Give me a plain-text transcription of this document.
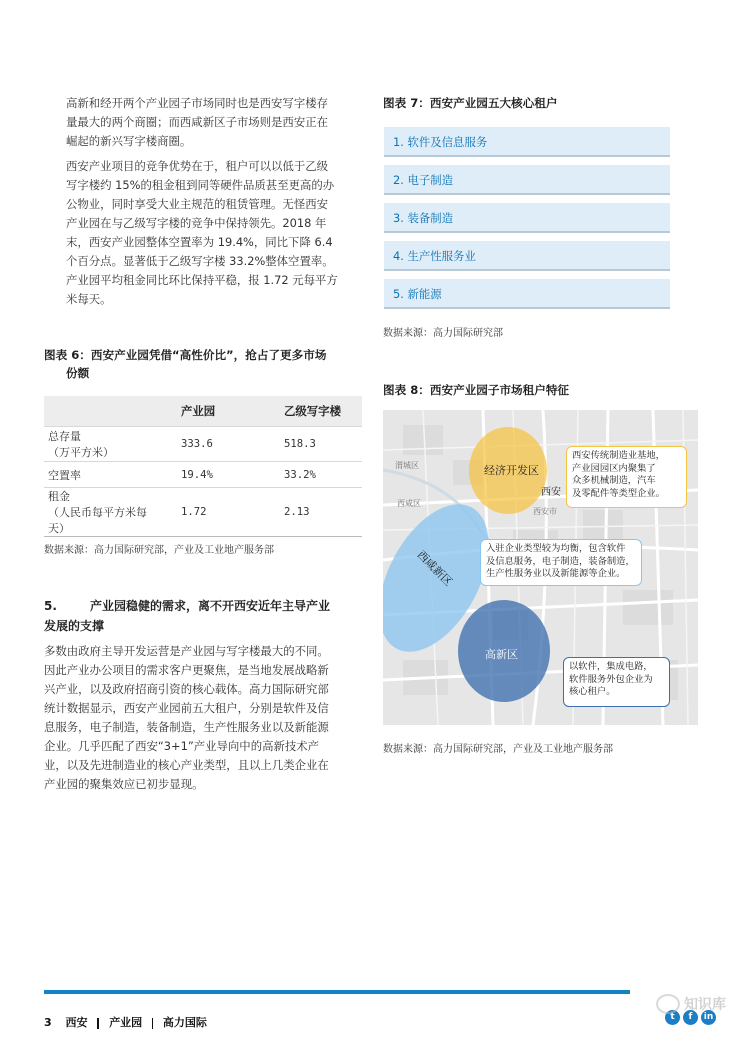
高新和经开两个产业园子市场同时也是西安写字楼存

量最大的两个商圈；而西咸新区子市场则是西安正在

崛起的新兴写字楼商圈。

西安产业项目的竞争优势在于，租户可以以低于乙级

写字楼约 15%的租金租到同等硬件品质甚至更高的办

公物业，同时享受大业主规范的租赁管理。无怪西安

产业园在与乙级写字楼的竞争中保持领先。2018 年

末，西安产业园整体空置率为 19.4%，同比下降 6.4

个百分点。显著低于乙级写字楼 33.2%整体空置率。

产业园平均租金同比环比保持平稳，报 1.72 元每平方

米每天。

图表 6：西安产业园凭借“高性价比”，抢占了更多市场
份额
	产业园	乙级写字楼

总存量
（万平方米）	333.6	518.3

空置率	19.4%	33.2%

租金
（人民币每平方米每
天）	1.72	2.13
数据来源：高力国际研究部，产业及工业地产服务部
5.	产业园稳健的需求，离不开西安近年主导产业
发展的支撑

多数由政府主导开发运营是产业园与写字楼最大的不同。

因此产业办公项目的需求客户更聚焦，是当地发展战略新

兴产业，以及政府招商引资的核心载体。高力国际研究部

统计数据显示，西安产业园前五大租户，分别是软件及信

息服务，电子制造，装备制造，生产性服务业以及新能源

企业。几乎匹配了西安“3+1”产业导向中的高新技术产

业，以及先进制造业的核心产业类型，且以上几类企业在

产业园的聚集效应已初步显现。

图表 7：西安产业园五大核心租户
1. 软件及信息服务
2. 电子制造
3. 装备制造
4. 生产性服务业
5. 新能源
数据来源：高力国际研究部
图表 8：西安产业园子市场租户特征
经济开发区
西咸新区
高新区
西安
渭城区
西咸区
西安市
西安传统制造业基地，
产业园园区内聚集了
众多机械制造，汽车
及零配件等类型企业。
入驻企业类型较为均衡，包含软件
及信息服务，电子制造，装备制造，
生产性服务业以及新能源等企业。
以软件，集成电路，
软件服务外包企业为
核心租户。
数据来源：高力国际研究部，产业及工业地产服务部
3 西安 产业园 高力国际	t	f	in
知识库
